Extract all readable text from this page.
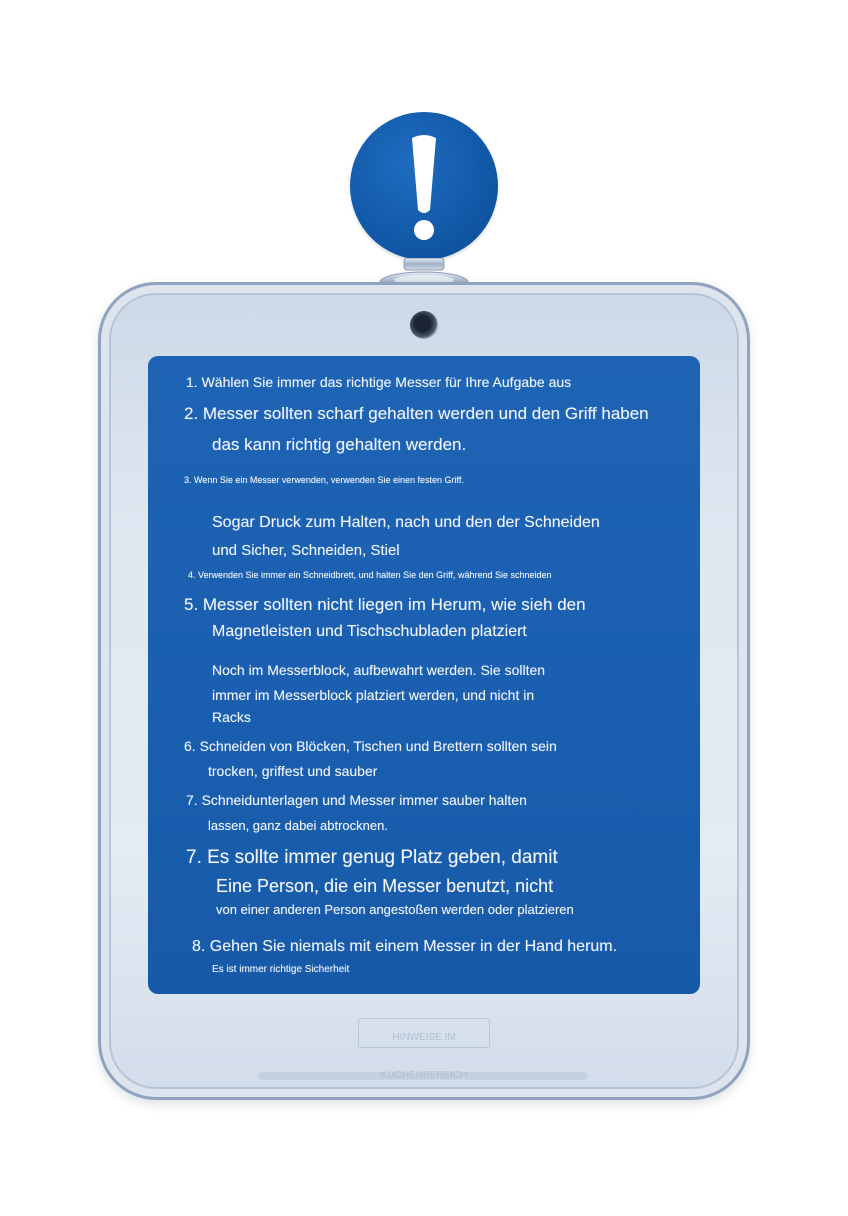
1. Wählen Sie immer das richtige Messer für Ihre Aufgabe aus
2. Messer sollten scharf gehalten werden und den Griff haben
das kann richtig gehalten werden.
3. Wenn Sie ein Messer verwenden, verwenden Sie einen festen Griff.
Sogar Druck zum Halten, nach und den der Schneiden
und Sicher, Schneiden, Stiel
4. Verwenden Sie immer ein Schneidbrett, und halten Sie den Griff, während Sie schneiden
5. Messer sollten nicht liegen im Herum, wie sieh den
Magnetleisten und Tischschubladen platziert
Noch im Messerblock, aufbewahrt werden. Sie sollten
immer im Messerblock platziert werden, und nicht in
Racks
6. Schneiden von Blöcken, Tischen und Brettern sollten sein
trocken, griffest und sauber
7. Schneidunterlagen und Messer immer sauber halten
lassen, ganz dabei abtrocknen.
7. Es sollte immer genug Platz geben, damit
Eine Person, die ein Messer benutzt, nicht
von einer anderen Person angestoßen werden oder platzieren
8. Gehen Sie niemals mit einem Messer in der Hand herum.
Es ist immer richtige Sicherheit
HINWEISE IM KÜCHENBEREICH
